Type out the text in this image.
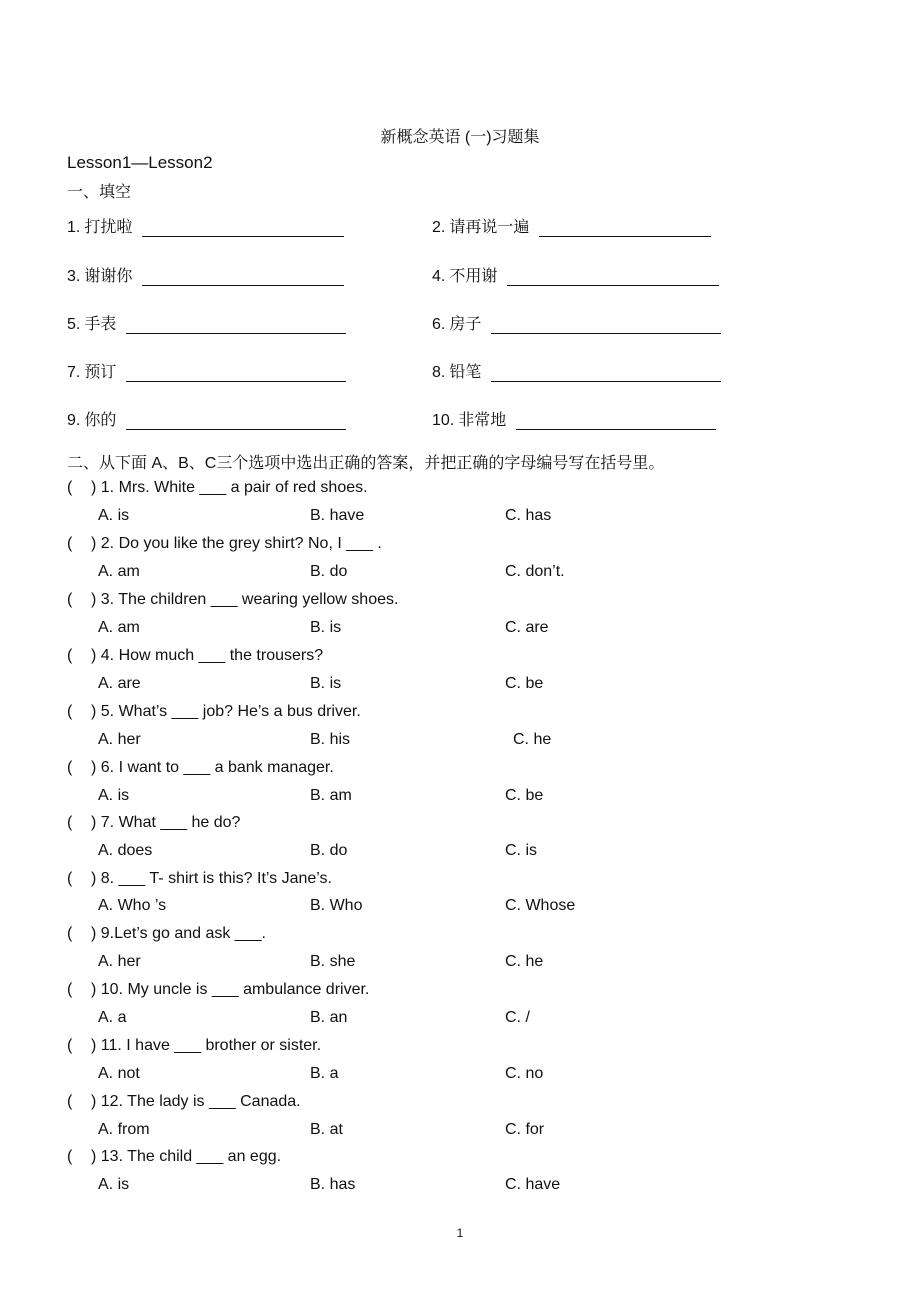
新概念英语 (一)习题集
Lesson1—Lesson2
一、填空
1. 打扰啦	2. 请再说一遍
3. 谢谢你	4. 不用谢
5. 手表	6. 房子
7. 预订	8. 铅笔
9. 你的	10. 非常地
二、从下面 A、B、C三个选项中选出正确的答案，并把正确的字母编号写在括号里。
( ) 1. Mrs. White ___ a pair of red shoes.
A. is	B. have	C. has
( ) 2. Do you like the grey shirt? No, I ___ .
A. am	B. do	C. don’t.
( ) 3. The children ___ wearing yellow shoes.
A. am	B. is	C. are
( ) 4. How much ___ the trousers?
A. are	B. is	C. be
( ) 5. What’s ___ job? He’s a bus driver.
A. her	B. his	C. he
( ) 6. I want to ___ a bank manager.
A. is	B. am	C. be
( ) 7. What ___ he do?
A. does	B. do	C. is
( ) 8. ___ T- shirt is this? It’s Jane’s.
A. Who ’s	B. Who	C. Whose
( ) 9.Let’s go and ask ___.
A. her	B. she	C. he
( ) 10. My uncle is ___ ambulance driver.
A. a	B. an	C. /
( ) 11. I have ___ brother or sister.
A. not	B. a	C. no
( ) 12. The lady is ___ Canada.
A. from	B. at	C. for
( ) 13. The child ___ an egg.
A. is	B. has	C. have
1
